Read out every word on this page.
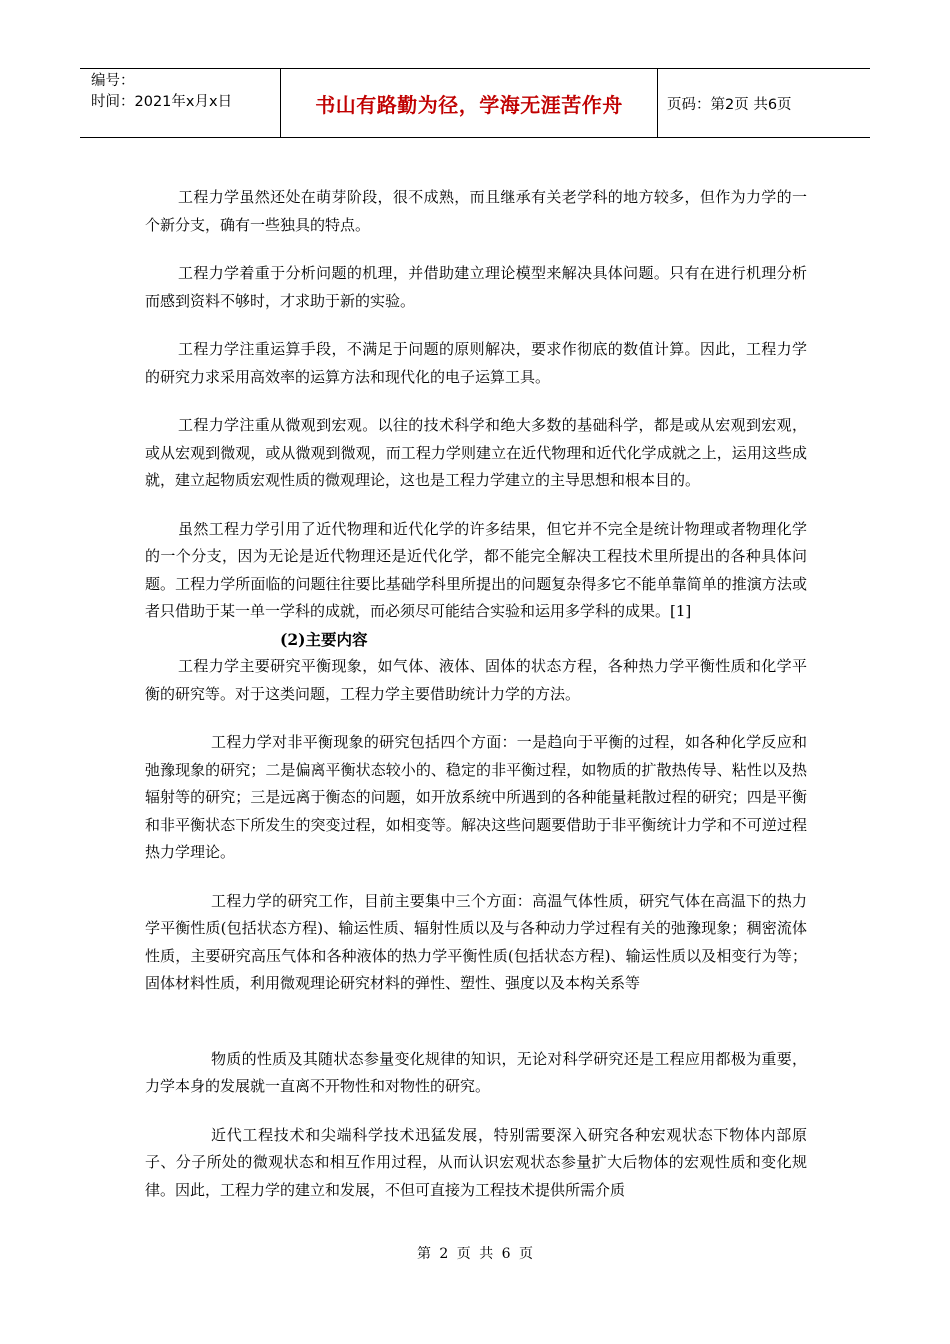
编号：
时间：2021年x月x日	书山有路勤为径，学海无涯苦作舟	页码：第2页 共6页

工程力学虽然还处在萌芽阶段，很不成熟，而且继承有关老学科的地方较多，但作为力学的一个新分支，确有一些独具的特点。

工程力学着重于分析问题的机理，并借助建立理论模型来解决具体问题。只有在进行机理分析而感到资料不够时，才求助于新的实验。

工程力学注重运算手段，不满足于问题的原则解决，要求作彻底的数值计算。因此，工程力学的研究力求采用高效率的运算方法和现代化的电子运算工具。

工程力学注重从微观到宏观。以往的技术科学和绝大多数的基础科学，都是或从宏观到宏观，或从宏观到微观，或从微观到微观，而工程力学则建立在近代物理和近代化学成就之上，运用这些成就，建立起物质宏观性质的微观理论，这也是工程力学建立的主导思想和根本目的。

虽然工程力学引用了近代物理和近代化学的许多结果，但它并不完全是统计物理或者物理化学的一个分支，因为无论是近代物理还是近代化学，都不能完全解决工程技术里所提出的各种具体问题。工程力学所面临的问题往往要比基础学科里所提出的问题复杂得多它不能单靠简单的推演方法或者只借助于某一单一学科的成就，而必须尽可能结合实验和运用多学科的成果。[1]

(2)主要内容

工程力学主要研究平衡现象，如气体、液体、固体的状态方程，各种热力学平衡性质和化学平衡的研究等。对于这类问题，工程力学主要借助统计力学的方法。

工程力学对非平衡现象的研究包括四个方面：一是趋向于平衡的过程，如各种化学反应和弛豫现象的研究；二是偏离平衡状态较小的、稳定的非平衡过程，如物质的扩散热传导、粘性以及热辐射等的研究；三是远离于衡态的问题，如开放系统中所遇到的各种能量耗散过程的研究；四是平衡和非平衡状态下所发生的突变过程，如相变等。解决这些问题要借助于非平衡统计力学和不可逆过程热力学理论。

工程力学的研究工作，目前主要集中三个方面：高温气体性质，研究气体在高温下的热力学平衡性质(包括状态方程)、输运性质、辐射性质以及与各种动力学过程有关的弛豫现象；稠密流体性质，主要研究高压气体和各种液体的热力学平衡性质(包括状态方程)、输运性质以及相变行为等；固体材料性质，利用微观理论研究材料的弹性、塑性、强度以及本构关系等

物质的性质及其随状态参量变化规律的知识，无论对科学研究还是工程应用都极为重要，力学本身的发展就一直离不开物性和对物性的研究。

近代工程技术和尖端科学技术迅猛发展，特别需要深入研究各种宏观状态下物体内部原子、分子所处的微观状态和相互作用过程，从而认识宏观状态参量扩大后物体的宏观性质和变化规律。因此，工程力学的建立和发展，不但可直接为工程技术提供所需介质

第 2 页 共 6 页
